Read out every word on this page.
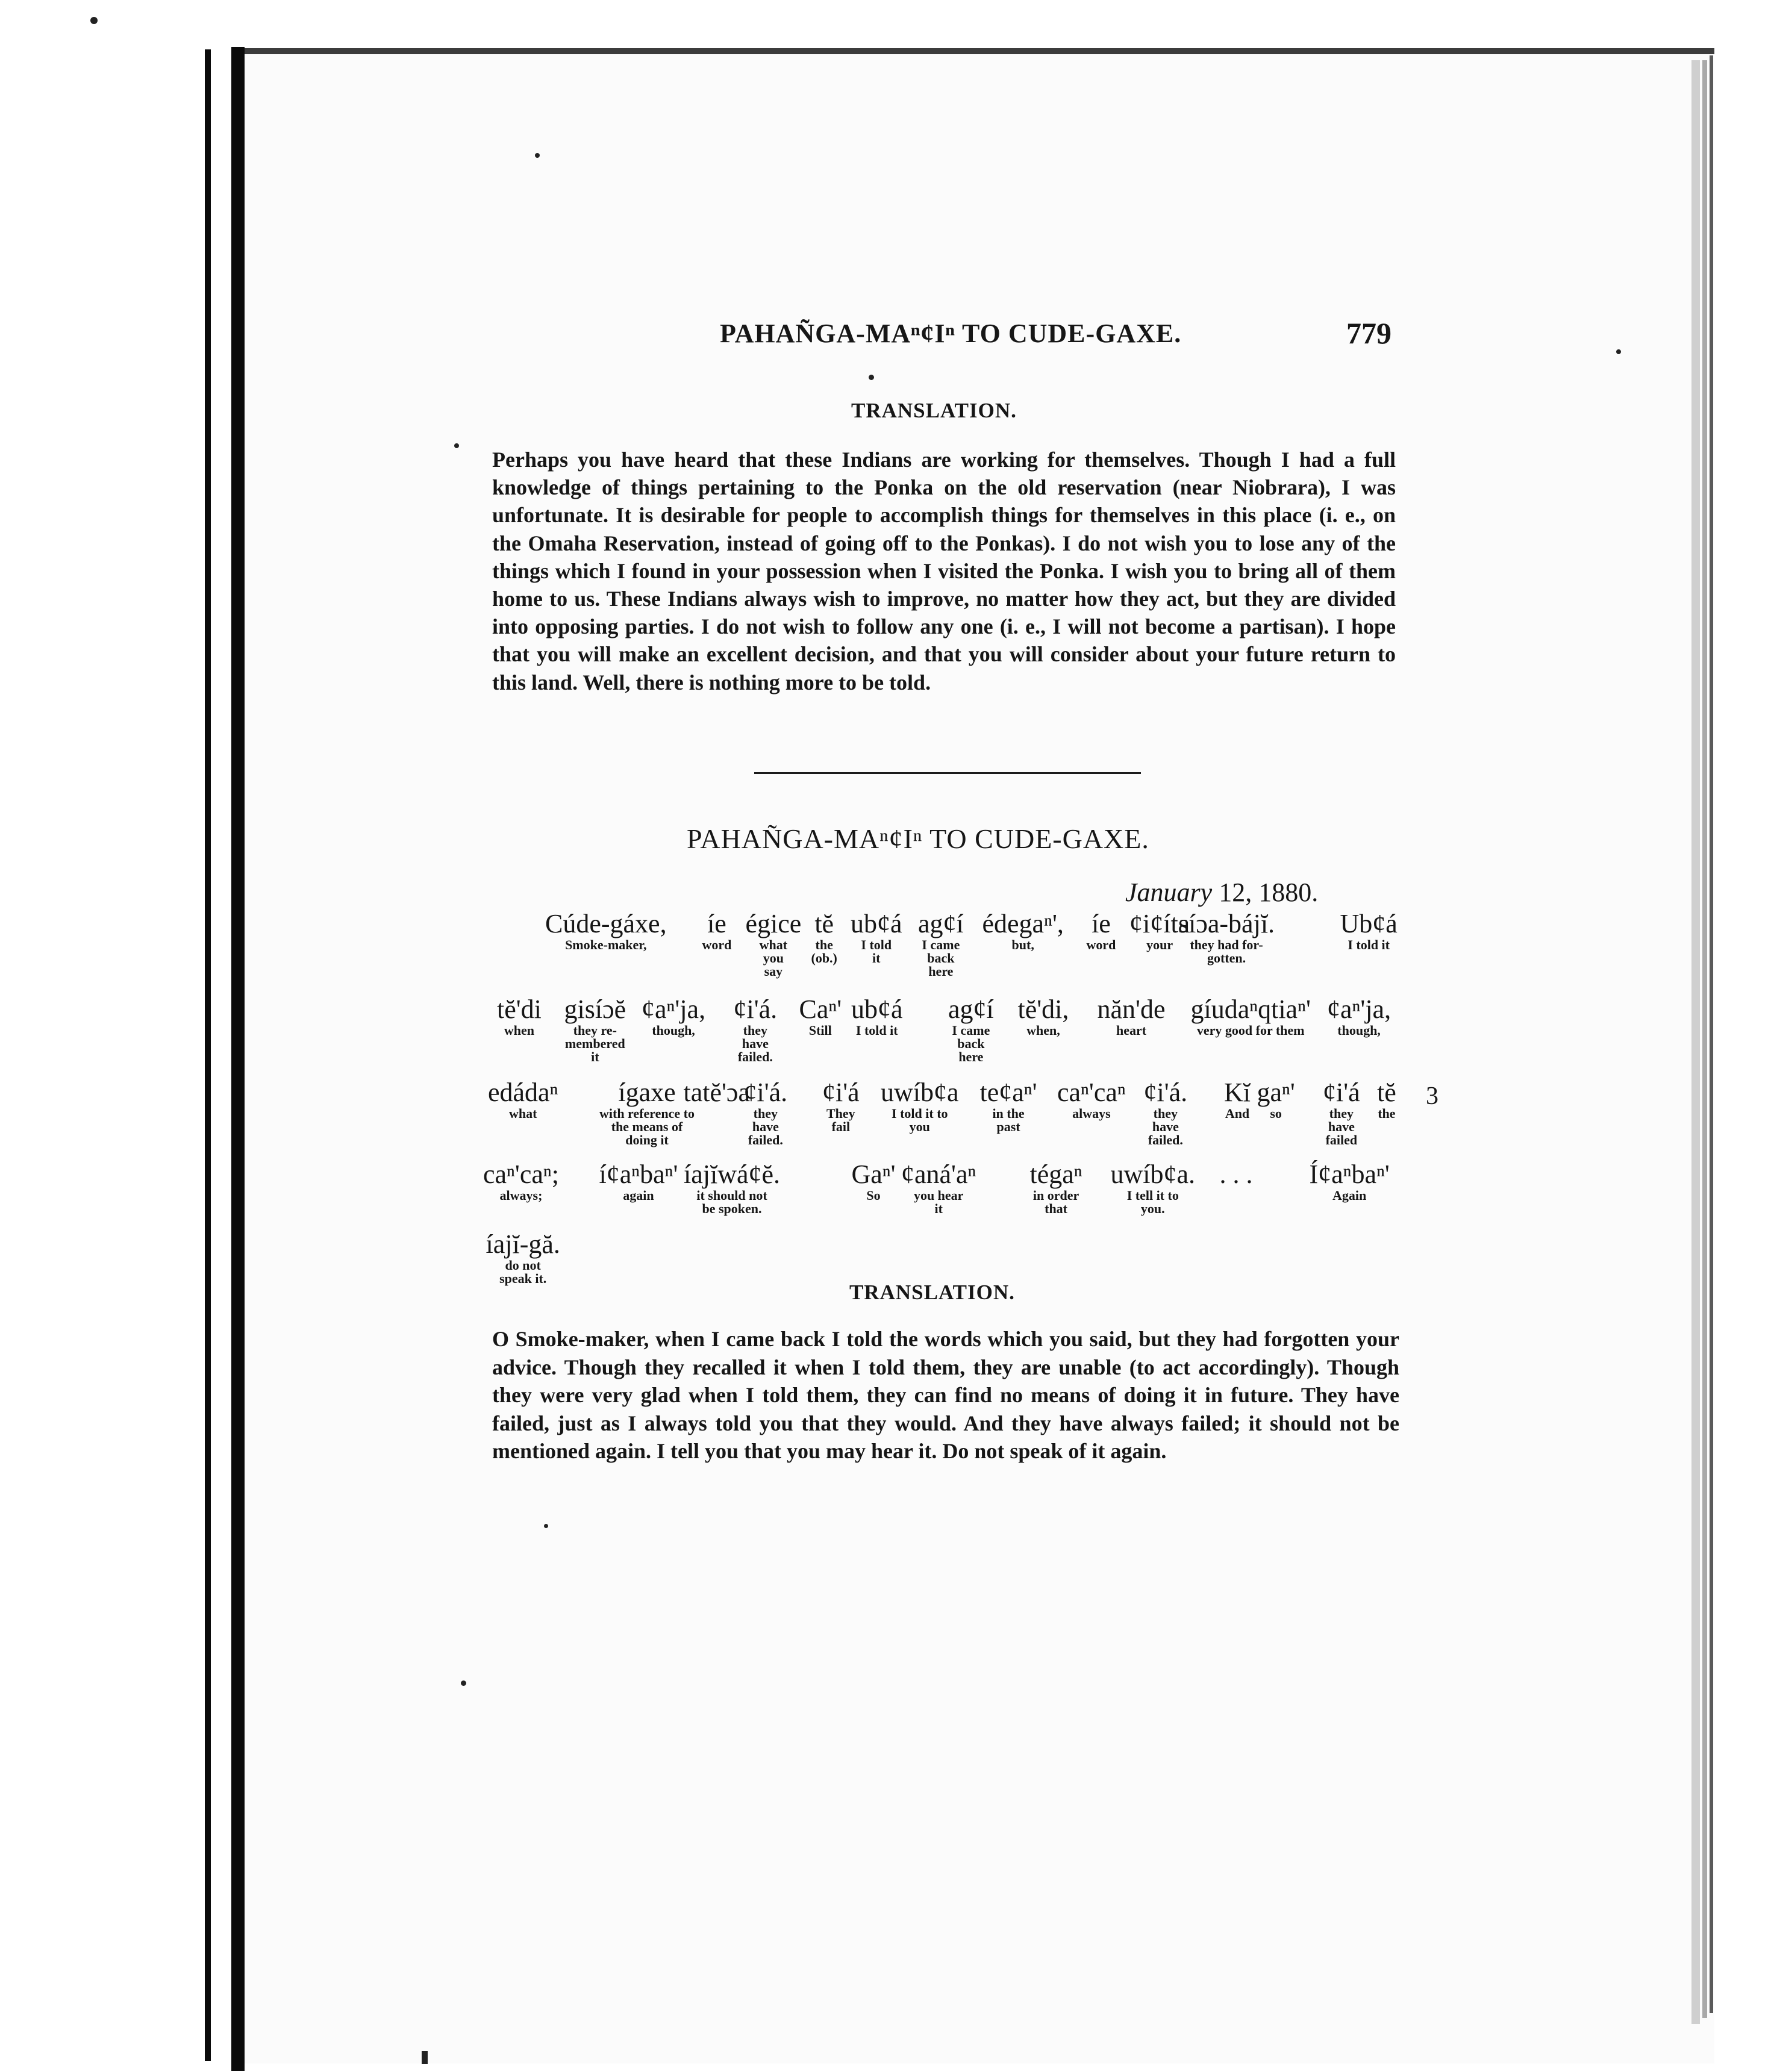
PAHAÑGA-MAⁿ¢Iⁿ TO CUDE-GAXE.	779
TRANSLATION.
Perhaps you have heard that these Indians are working for themselves. Though I had a full knowledge of things pertaining to the Ponka on the old reservation (near Niobrara), I was unfortunate. It is desirable for people to accomplish things for themselves in this place (i. e., on the Omaha Reservation, instead of going off to the Ponkas). I do not wish you to lose any of the things which I found in your possession when I visited the Ponka. I wish you to bring all of them home to us. These Indians always wish to improve, no matter how they act, but they are divided into opposing parties. I do not wish to follow any one (i. e., I will not become a partisan). I hope that you will make an excellent decision, and that you will consider about your future return to this land. Well, there is nothing more to be told.
PAHAÑGA-MAⁿ¢Iⁿ TO CUDE-GAXE.
January 12, 1880.
Cúde-gáxe,
Smoke-maker,
íe
word
égice
what
you
say
tĕ
the
(ob.)
ub¢á
I told
it
ag¢í
I came
back
here
édegaⁿ',
but,
íe
word
¢i¢íta
your
síɔa-bájĭ.
they had for-
gotten.
Ub¢á
I told it
tĕ'di
when
gisíɔĕ
they re-
membered
it
¢aⁿ'ja,
though,
¢i'á.
they
have
failed.
Caⁿ'
Still
ub¢á
I told it
ag¢í
I came
back
here
tĕ'di,
when,
năn'de
heart
gíudaⁿqtiaⁿ'
very good for them
¢aⁿ'ja,
though,
edádaⁿ
what
ígaxe
with reference to
the means of
doing it
tatĕ'ɔa
¢i'á.
they
have
failed.
¢i'á
They
fail
uwíb¢a
I told it to
you
te¢aⁿ'
in the
past
caⁿ'caⁿ
always
¢i'á.
they
have
failed.
Kĭ
And
gaⁿ'
so
¢i'á
they
have
failed
tĕ
the
caⁿ'caⁿ;
always;
í¢aⁿbaⁿ'
again
íajĭwá¢ĕ.
it should not
be spoken.
Gaⁿ'
So
¢aná'aⁿ
you hear
it
tégaⁿ
in order
that
uwíb¢a.
I tell it to
you.
. . . Í¢aⁿbaⁿ'
Again
íajĭ-gă.
do not
speak it.
3
TRANSLATION.
O Smoke-maker, when I came back I told the words which you said, but they had forgotten your advice. Though they recalled it when I told them, they are unable (to act accordingly). Though they were very glad when I told them, they can find no means of doing it in future. They have failed, just as I always told you that they would. And they have always failed; it should not be mentioned again. I tell you that you may hear it. Do not speak of it again.
